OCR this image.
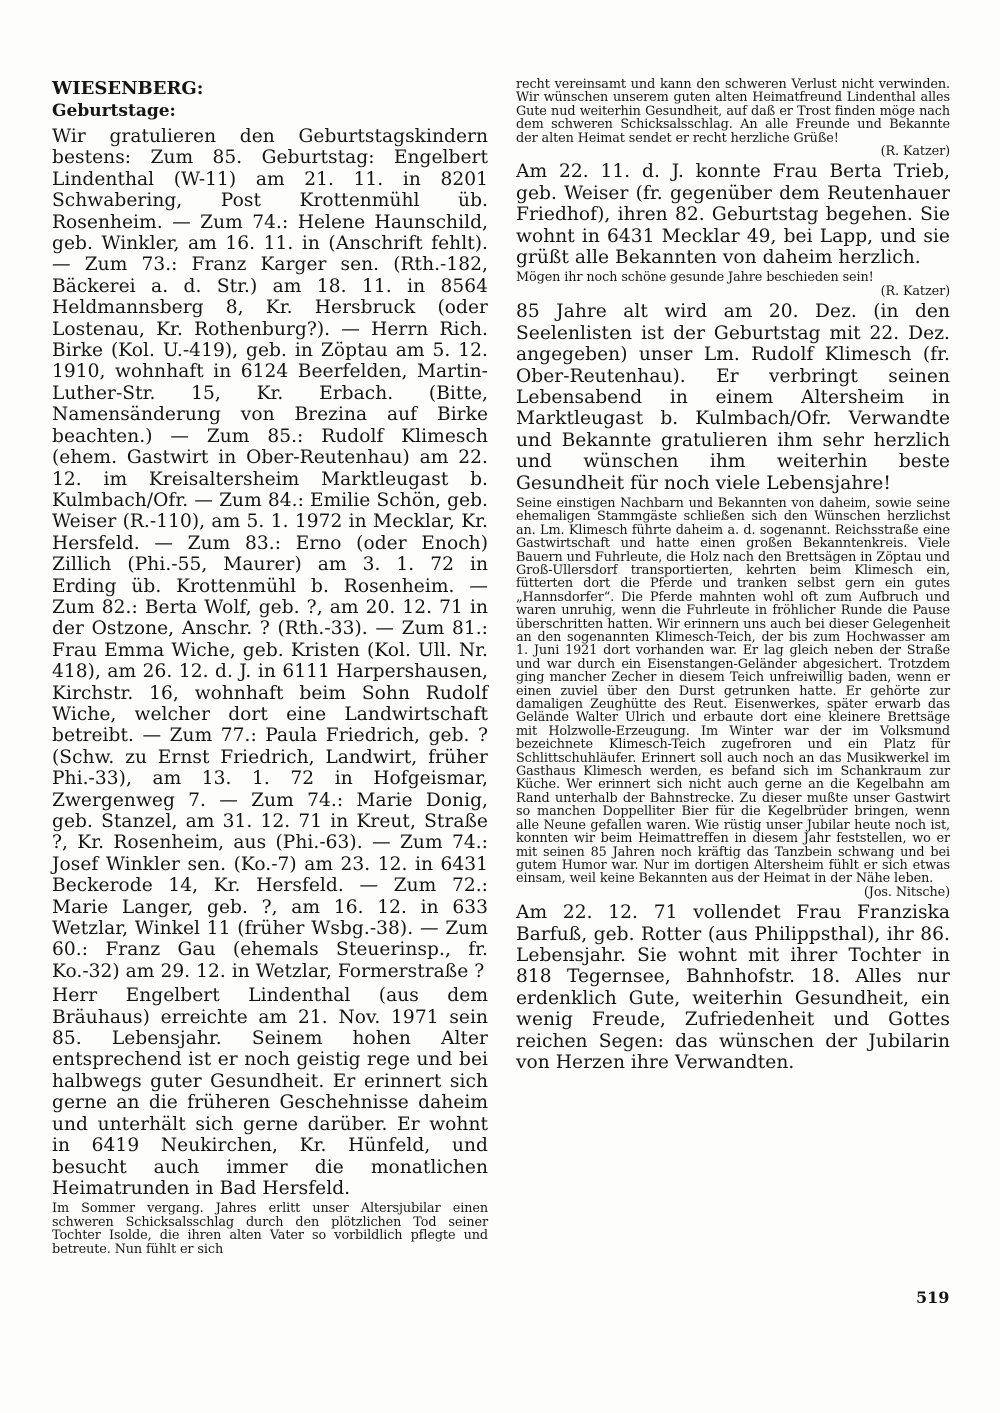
WIESENBERG:
Geburtstage:

Wir gratulieren den Geburtstagskindern bestens: Zum 85. Geburtstag: Engelbert Lindenthal (W-11) am 21. 11. in 8201 Schwabering, Post Krottenmühl üb. Rosenheim. — Zum 74.: Helene Haunschild, geb. Winkler, am 16. 11. in (Anschrift fehlt). — Zum 73.: Franz Karger sen. (Rth.-182, Bäckerei a. d. Str.) am 18. 11. in 8564 Heldmannsberg 8, Kr. Hersbruck (oder Lostenau, Kr. Rothenburg?). — Herrn Rich. Birke (Kol. U.-419), geb. in Zöptau am 5. 12. 1910, wohnhaft in 6124 Beerfelden, Martin-Luther-Str. 15, Kr. Erbach. (Bitte, Namensänderung von Brezina auf Birke beachten.) — Zum 85.: Rudolf Klimesch (ehem. Gastwirt in Ober-Reutenhau) am 22. 12. im Kreisaltersheim Marktleugast b. Kulmbach/Ofr. — Zum 84.: Emilie Schön, geb. Weiser (R.-110), am 5. 1. 1972 in Mecklar, Kr. Hersfeld. — Zum 83.: Erno (oder Enoch) Zillich (Phi.-55, Maurer) am 3. 1. 72 in Erding üb. Krottenmühl b. Rosenheim. — Zum 82.: Berta Wolf, geb. ?, am 20. 12. 71 in der Ostzone, Anschr. ? (Rth.-33). — Zum 81.: Frau Emma Wiche, geb. Kristen (Kol. Ull. Nr. 418), am 26. 12. d. J. in 6111 Harpershausen, Kirchstr. 16, wohnhaft beim Sohn Rudolf Wiche, welcher dort eine Landwirtschaft betreibt. — Zum 77.: Paula Friedrich, geb. ? (Schw. zu Ernst Friedrich, Landwirt, früher Phi.-33), am 13. 1. 72 in Hofgeismar, Zwergenweg 7. — Zum 74.: Marie Donig, geb. Stanzel, am 31. 12. 71 in Kreut, Straße ?, Kr. Rosenheim, aus (Phi.-63). — Zum 74.: Josef Winkler sen. (Ko.-7) am 23. 12. in 6431 Beckerode 14, Kr. Hersfeld. — Zum 72.: Marie Langer, geb. ?, am 16. 12. in 633 Wetzlar, Winkel 11 (früher Wsbg.-38). — Zum 60.: Franz Gau (ehemals Steuerinsp., fr. Ko.-32) am 29. 12. in Wetzlar, Formerstraße ?

Herr Engelbert Lindenthal (aus dem Bräuhaus) erreichte am 21. Nov. 1971 sein 85. Lebensjahr. Seinem hohen Alter entsprechend ist er noch geistig rege und bei halbwegs guter Gesundheit. Er erinnert sich gerne an die früheren Geschehnisse daheim und unterhält sich gerne darüber. Er wohnt in 6419 Neukirchen, Kr. Hünfeld, und besucht auch immer die monatlichen Heimatrunden in Bad Hersfeld.

Im Sommer vergang. Jahres erlitt unser Altersjubilar einen schweren Schicksalsschlag durch den plötzlichen Tod seiner Tochter Isolde, die ihren alten Vater so vorbildlich pflegte und betreute. Nun fühlt er sich

recht vereinsamt und kann den schweren Verlust nicht verwinden. Wir wünschen unserem guten alten Heimatfreund Lindenthal alles Gute nud weiterhin Gesundheit, auf daß er Trost finden möge nach dem schweren Schicksalsschlag. An alle Freunde und Bekannte der alten Heimat sendet er recht herzliche Grüße!

(R. Katzer)

Am 22. 11. d. J. konnte Frau Berta Trieb, geb. Weiser (fr. gegenüber dem Reutenhauer Friedhof), ihren 82. Geburtstag begehen. Sie wohnt in 6431 Mecklar 49, bei Lapp, und sie grüßt alle Bekannten von daheim herzlich.

Mögen ihr noch schöne gesunde Jahre beschieden sein!

(R. Katzer)

85 Jahre alt wird am 20. Dez. (in den Seelenlisten ist der Geburtstag mit 22. Dez. angegeben) unser Lm. Rudolf Klimesch (fr. Ober-Reutenhau). Er verbringt seinen Lebensabend in einem Altersheim in Marktleugast b. Kulmbach/Ofr. Verwandte und Bekannte gratulieren ihm sehr herzlich und wünschen ihm weiterhin beste Gesundheit für noch viele Lebensjahre!

Seine einstigen Nachbarn und Bekannten von daheim, sowie seine ehemaligen Stammgäste schließen sich den Wünschen herzlichst an. Lm. Klimesch führte daheim a. d. sogenannt. Reichsstraße eine Gastwirtschaft und hatte einen großen Bekanntenkreis. Viele Bauern und Fuhrleute, die Holz nach den Brettsägen in Zöptau und Groß-Ullersdorf transportierten, kehrten beim Klimesch ein, fütterten dort die Pferde und tranken selbst gern ein gutes „Hannsdorfer“. Die Pferde mahnten wohl oft zum Aufbruch und waren unruhig, wenn die Fuhrleute in fröhlicher Runde die Pause überschritten hatten. Wir erinnern uns auch bei dieser Gelegenheit an den sogenannten Klimesch-Teich, der bis zum Hochwasser am 1. Juni 1921 dort vorhanden war. Er lag gleich neben der Straße und war durch ein Eisenstangen-Geländer abgesichert. Trotzdem ging mancher Zecher in diesem Teich unfreiwillig baden, wenn er einen zuviel über den Durst getrunken hatte. Er gehörte zur damaligen Zeughütte des Reut. Eisenwerkes, später erwarb das Gelände Walter Ulrich und erbaute dort eine kleinere Brettsäge mit Holzwolle-Erzeugung. Im Winter war der im Volksmund bezeichnete Klimesch-Teich zugefroren und ein Platz für Schlittschuhläufer. Erinnert soll auch noch an das Musikwerkel im Gasthaus Klimesch werden, es befand sich im Schankraum zur Küche. Wer erinnert sich nicht auch gerne an die Kegelbahn am Rand unterhalb der Bahnstrecke. Zu dieser mußte unser Gastwirt so manchen Doppelliter Bier für die Kegelbrüder bringen, wenn alle Neune gefallen waren. Wie rüstig unser Jubilar heute noch ist, konnten wir beim Heimattreffen in diesem Jahr feststellen, wo er mit seinen 85 Jahren noch kräftig das Tanzbein schwang und bei gutem Humor war. Nur im dortigen Altersheim fühlt er sich etwas einsam, weil keine Bekannten aus der Heimat in der Nähe leben.

(Jos. Nitsche)

Am 22. 12. 71 vollendet Frau Franziska Barfuß, geb. Rotter (aus Philippsthal), ihr 86. Lebensjahr. Sie wohnt mit ihrer Tochter in 818 Tegernsee, Bahnhofstr. 18. Alles nur erdenklich Gute, weiterhin Gesundheit, ein wenig Freude, Zufriedenheit und Gottes reichen Segen: das wünschen der Jubilarin von Herzen ihre Verwandten.

519
